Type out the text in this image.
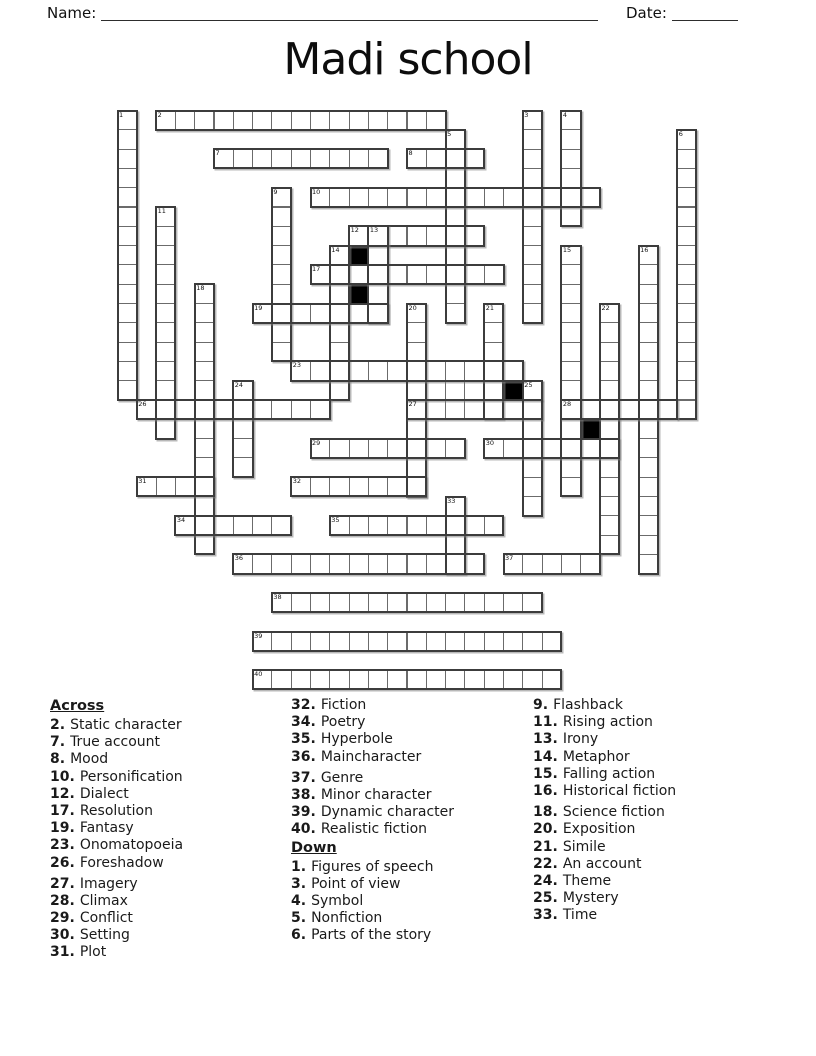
Name:	Date:
Madi school
1	2	3	4
5	6
7	8
9	10
11
12	13
14	15	16
17
18
19	20	21	22
23
24	25
26	27	28
29	30
31	32
33
34	35
36	37
38
39
40
Across
2. Static character
7. True account
8. Mood
10. Personification
12. Dialect
17. Resolution
19. Fantasy
23. Onomatopoeia
26. Foreshadow
27. Imagery
28. Climax
29. Conflict
30. Setting
31. Plot
32. Fiction
34. Poetry
35. Hyperbole
36. Maincharacter
37. Genre
38. Minor character
39. Dynamic character
40. Realistic fiction
Down
1. Figures of speech
3. Point of view
4. Symbol
5. Nonfiction
6. Parts of the story
9. Flashback
11. Rising action
13. Irony
14. Metaphor
15. Falling action
16. Historical fiction
18. Science fiction
20. Exposition
21. Simile
22. An account
24. Theme
25. Mystery
33. Time
